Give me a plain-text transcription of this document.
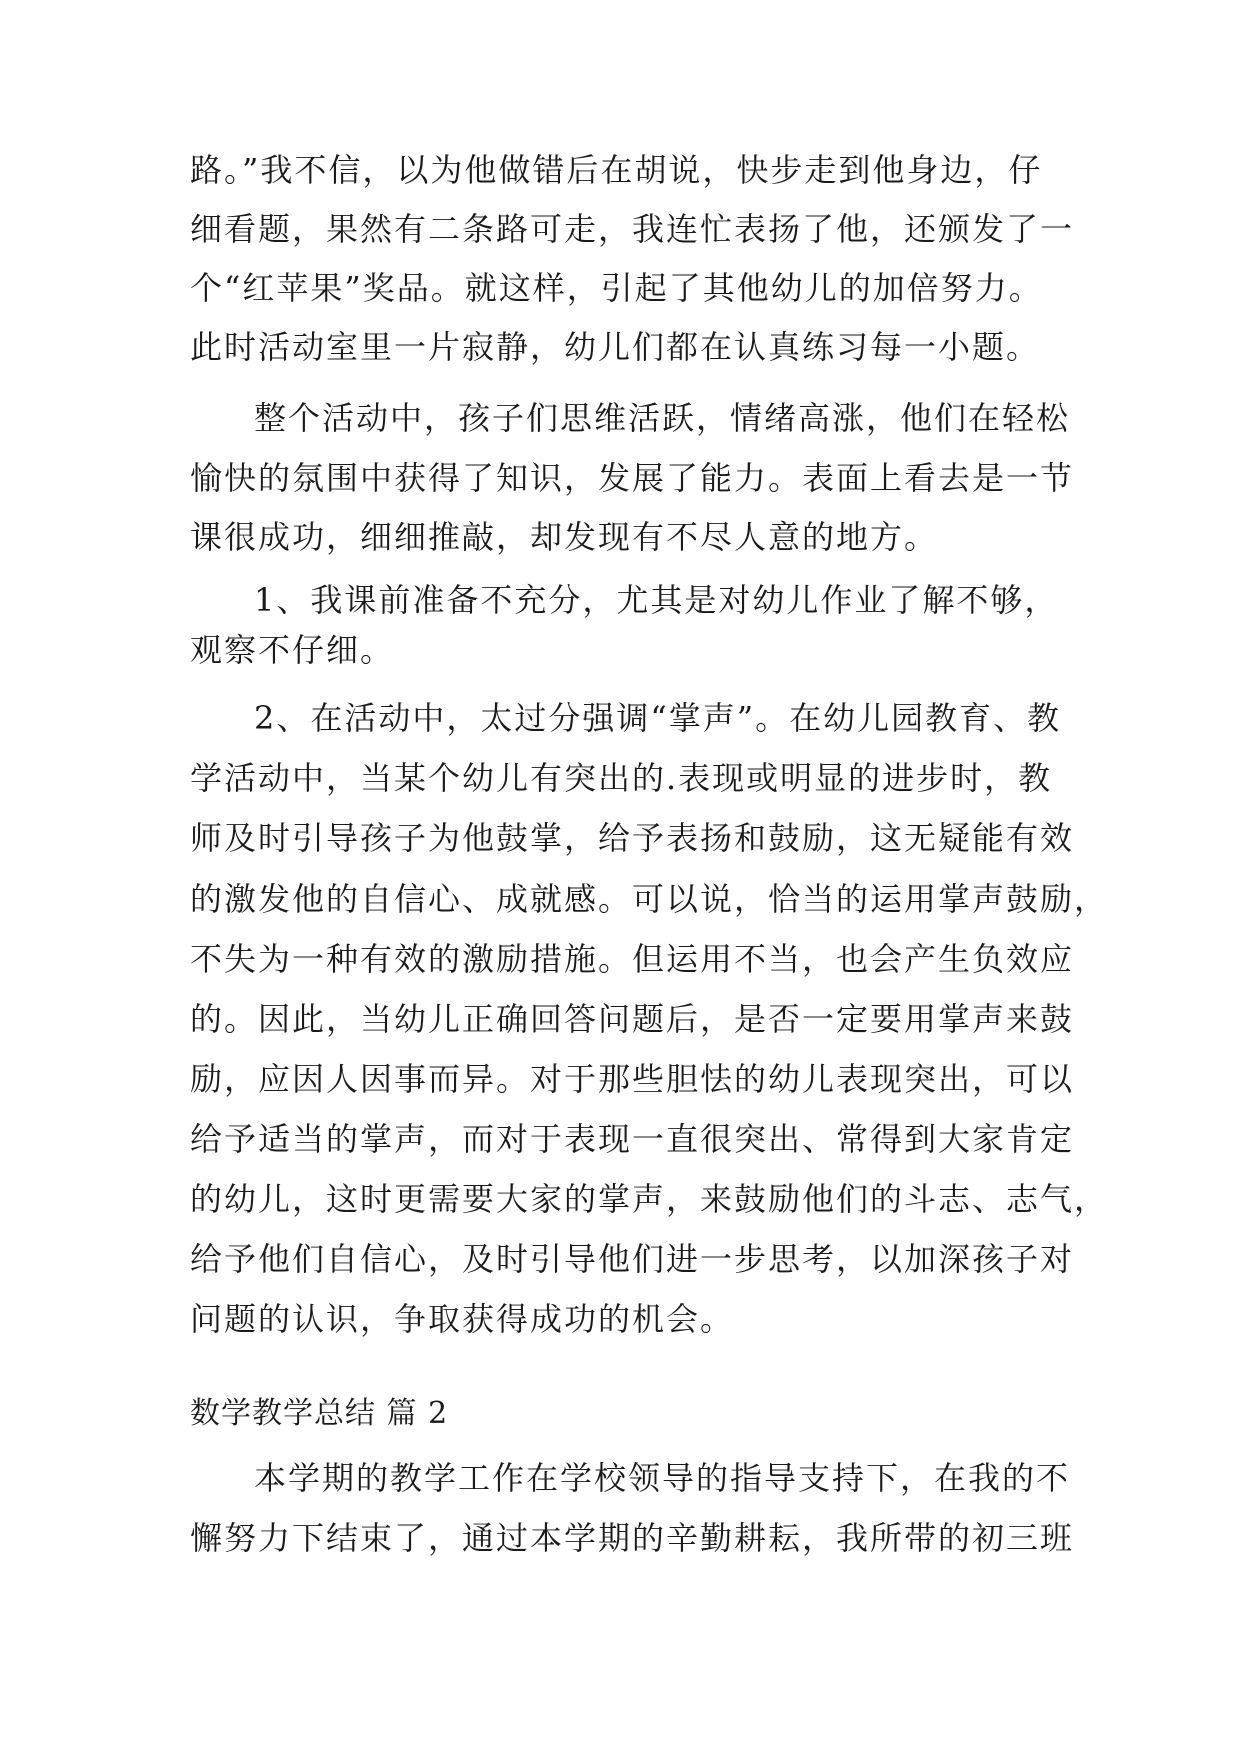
路。”我不信，以为他做错后在胡说，快步走到他身边，仔

细看题，果然有二条路可走，我连忙表扬了他，还颁发了一

个“红苹果”奖品。就这样，引起了其他幼儿的加倍努力。

此时活动室里一片寂静，幼儿们都在认真练习每一小题。

整个活动中，孩子们思维活跃，情绪高涨，他们在轻松

愉快的氛围中获得了知识，发展了能力。表面上看去是一节

课很成功，细细推敲，却发现有不尽人意的地方。

1、我课前准备不充分，尤其是对幼儿作业了解不够，

观察不仔细。

2、在活动中，太过分强调“掌声”。在幼儿园教育、教

学活动中，当某个幼儿有突出的.表现或明显的进步时，教

师及时引导孩子为他鼓掌，给予表扬和鼓励，这无疑能有效

的激发他的自信心、成就感。可以说，恰当的运用掌声鼓励，

不失为一种有效的激励措施。但运用不当，也会产生负效应

的。因此，当幼儿正确回答问题后，是否一定要用掌声来鼓

励，应因人因事而异。对于那些胆怯的幼儿表现突出，可以

给予适当的掌声，而对于表现一直很突出、常得到大家肯定

的幼儿，这时更需要大家的掌声，来鼓励他们的斗志、志气，

给予他们自信心，及时引导他们进一步思考，以加深孩子对

问题的认识，争取获得成功的机会。

数学教学总结 篇 2

本学期的教学工作在学校领导的指导支持下，在我的不

懈努力下结束了，通过本学期的辛勤耕耘，我所带的初三班
